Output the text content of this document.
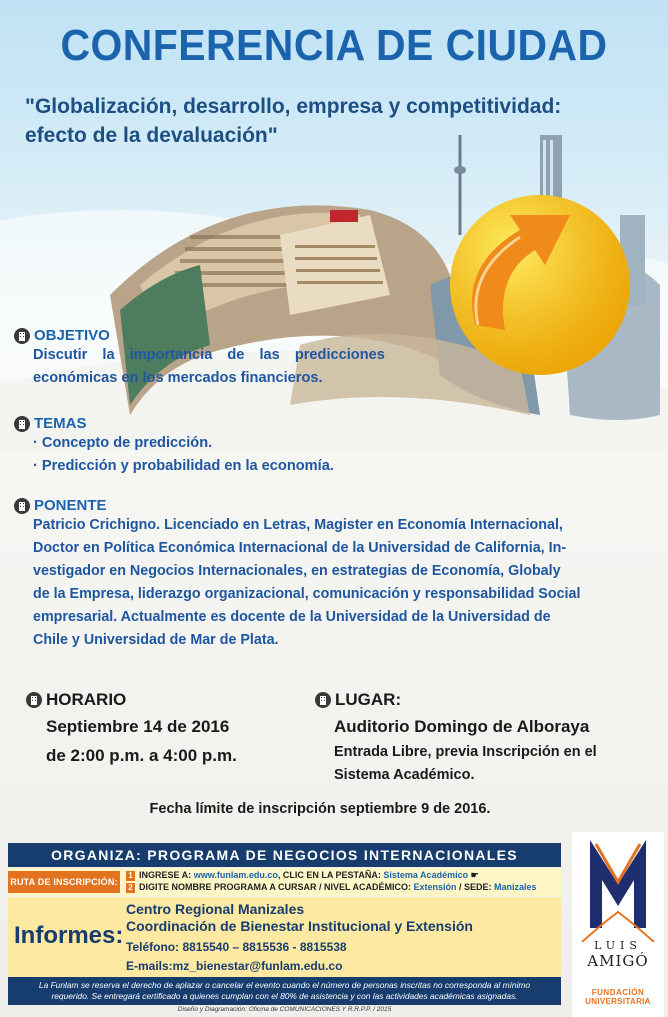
CONFERENCIA DE CIUDAD
"Globalización, desarrollo, empresa y competitividad:
efecto de la devaluación"
OBJETIVO
Discutir la importancia de las predicciones
económicas en los mercados financieros.
TEMAS
· Concepto de predicción.
· Predicción y probabilidad en la economía.
PONENTE
Patricio Crichigno. Licenciado en Letras, Magister en Economía Internacional,
Doctor en Política Económica Internacional de la Universidad de California, In-
vestigador en Negocios Internacionales, en estrategias de Economía, Globaly
de la Empresa, liderazgo organizacional, comunicación y responsabilidad Social
empresarial. Actualmente es docente de la Universidad de la Universidad de
Chile y Universidad de Mar de Plata.
HORARIO
Septiembre 14 de 2016
de 2:00 p.m. a 4:00 p.m.
LUGAR:
Auditorio Domingo de Alboraya
Entrada Libre, previa Inscripción en el
Sistema Académico.
Fecha límite de inscripción septiembre 9 de 2016.
ORGANIZA: PROGRAMA DE NEGOCIOS INTERNACIONALES
RUTA DE INSCRIPCIÓN:
1 INGRESE A: www.funlam.edu.co, CLIC EN LA PESTAÑA: Sistema Académico ☛
2 DIGITE NOMBRE PROGRAMA A CURSAR / NIVEL ACADÉMICO: Extensión / SEDE: Manizales
Informes:
Centro Regional Manizales
Coordinación de Bienestar Institucional y Extensión
Teléfono: 8815540 – 8815536 - 8815538
E-mails:mz_bienestar@funlam.edu.co
La Funlam se reserva el derecho de aplazar o cancelar el evento cuando el número de personas inscritas no corresponda al mínimo
requerido. Se entregará certificado a quienes cumplan con el 80% de asistencia y con las actividades académicas asignadas.
Diseño y Diagramación: Oficina de COMUNICACIONES Y R.R.P.P. / 2015
LUIS
AMIGÓ
FUNDACIÓN
UNIVERSITARIA
